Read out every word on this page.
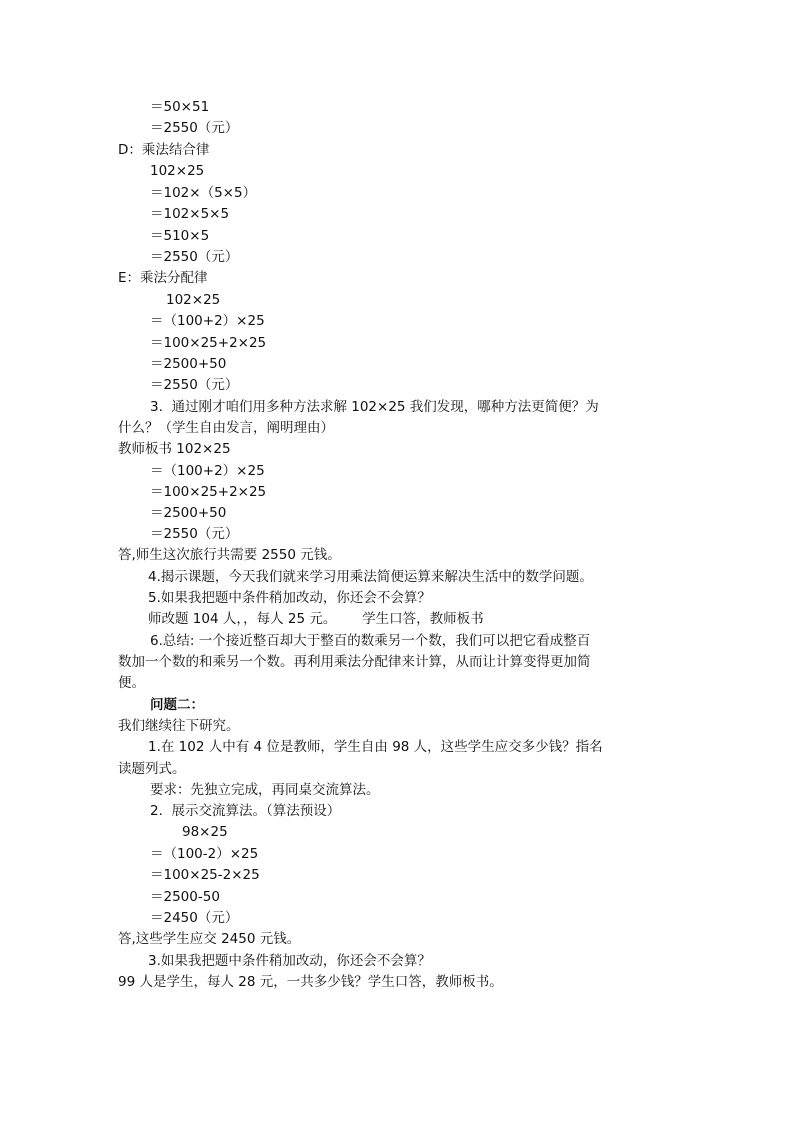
＝50×51
＝2550（元）
D：乘法结合律
102×25
＝102×（5×5）
＝102×5×5
＝510×5
＝2550（元）
E：乘法分配律
102×25
＝（100+2）×25
＝100×25+2×25
＝2500+50
＝2550（元）
3.  通过刚才咱们用多种方法求解 102×25 我们发现，哪种方法更简便？为
什么？（学生自由发言，阐明理由）
教师板书 102×25
＝（100+2）×25
＝100×25+2×25
＝2500+50
＝2550（元）
答,师生这次旅行共需要 2550 元钱。
4.揭示课题，今天我们就来学习用乘法简便运算来解决生活中的数学问题。
5.如果我把题中条件稍加改动，你还会不会算？
师改题 104 人，，每人 25 元。      学生口答，教师板书
6.总结: 一个接近整百却大于整百的数乘另一个数，我们可以把它看成整百
数加一个数的和乘另一个数。再利用乘法分配律来计算，从而让计算变得更加简
便。
问题二：
我们继续往下研究。
1.在 102 人中有 4 位是教师，学生自由 98 人，这些学生应交多少钱？指名
读题列式。
要求：先独立完成，再同桌交流算法。
2.  展示交流算法。（算法预设）
98×25
＝（100-2）×25
＝100×25-2×25
＝2500-50
＝2450（元）
答,这些学生应交 2450 元钱。
3.如果我把题中条件稍加改动，你还会不会算？
99 人是学生，每人 28 元，一共多少钱？学生口答，教师板书。
